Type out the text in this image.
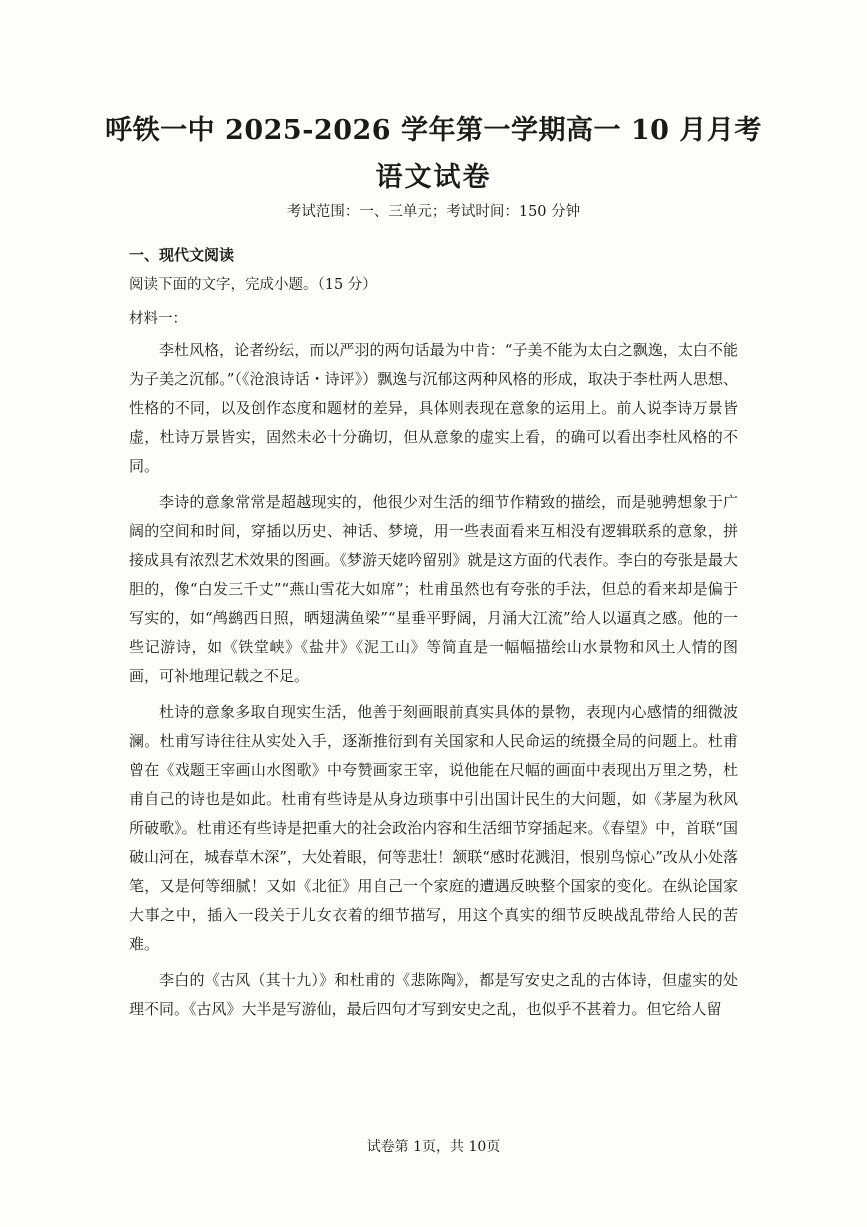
呼铁一中 2025-2026 学年第一学期高一 10 月月考
语文试卷
考试范围：一、三单元；考试时间：150 分钟
一、现代文阅读
阅读下面的文字，完成小题。（15 分）
材料一：

李杜风格，论者纷纭，而以严羽的两句话最为中肯：“子美不能为太白之飘逸，太白不能为子美之沉郁。”（《沧浪诗话・诗评》）飘逸与沉郁这两种风格的形成，取决于李杜两人思想、性格的不同，以及创作态度和题材的差异，具体则表现在意象的运用上。前人说李诗万景皆虚，杜诗万景皆实，固然未必十分确切，但从意象的虚实上看，的确可以看出李杜风格的不同。

李诗的意象常常是超越现实的，他很少对生活的细节作精致的描绘，而是驰骋想象于广阔的空间和时间，穿插以历史、神话、梦境，用一些表面看来互相没有逻辑联系的意象，拼接成具有浓烈艺术效果的图画。《梦游天姥吟留别》就是这方面的代表作。李白的夸张是最大胆的，像“白发三千丈”“燕山雪花大如席”；杜甫虽然也有夸张的手法，但总的看来却是偏于写实的，如“鸬鹚西日照，晒翅满鱼梁”“星垂平野阔，月涌大江流”给人以逼真之感。他的一些记游诗，如《铁堂峡》《盐井》《泥工山》等简直是一幅幅描绘山水景物和风土人情的图画，可补地理记载之不足。

杜诗的意象多取自现实生活，他善于刻画眼前真实具体的景物，表现内心感情的细微波澜。杜甫写诗往往从实处入手，逐渐推衍到有关国家和人民命运的统摄全局的问题上。杜甫曾在《戏题王宰画山水图歌》中夸赞画家王宰，说他能在尺幅的画面中表现出万里之势，杜甫自己的诗也是如此。杜甫有些诗是从身边琐事中引出国计民生的大问题，如《茅屋为秋风所破歌》。杜甫还有些诗是把重大的社会政治内容和生活细节穿插起来。《春望》中，首联“国破山河在，城春草木深”，大处着眼，何等悲壮！颔联“感时花溅泪，恨别鸟惊心”改从小处落笔，又是何等细腻！又如《北征》用自己一个家庭的遭遇反映整个国家的变化。在纵论国家大事之中，插入一段关于儿女衣着的细节描写，用这个真实的细节反映战乱带给人民的苦难。

李白的《古风（其十九）》和杜甫的《悲陈陶》，都是写安史之乱的古体诗，但虚实的处理不同。《古风》大半是写游仙，最后四句才写到安史之乱，也似乎不甚着力。但它给人留

试卷第 1页，共 10页
